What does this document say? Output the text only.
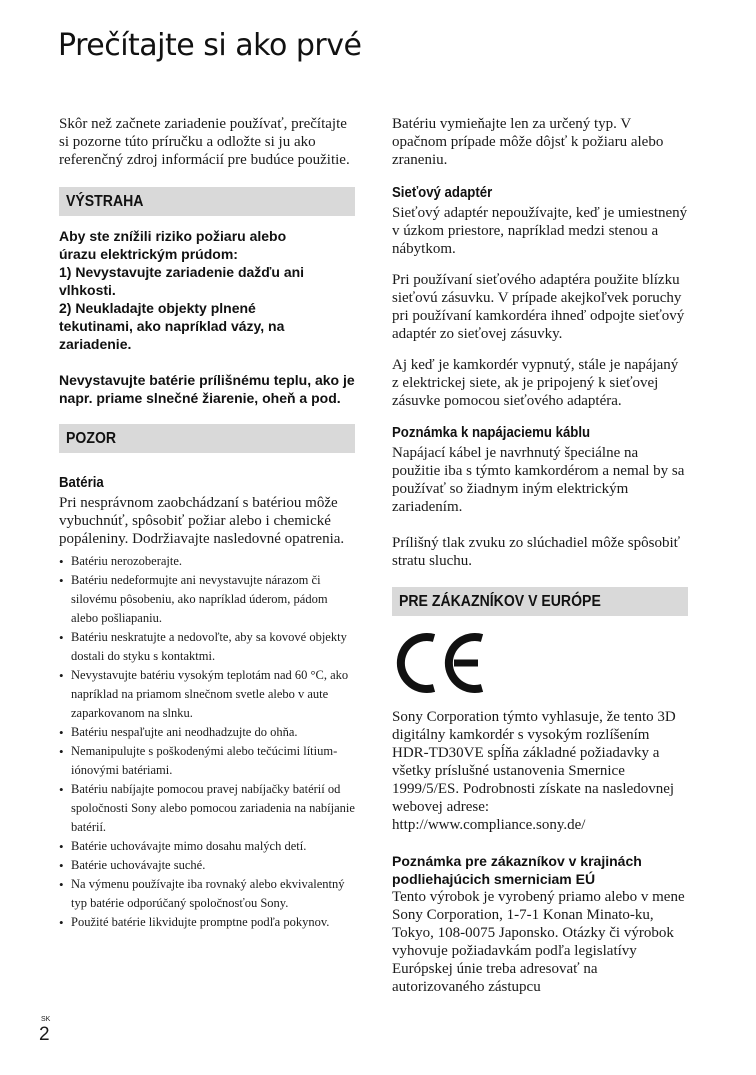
Prečítajte si ako prvé

Skôr než začnete zariadenie používať, prečítajte si pozorne túto príručku a odložte si ju ako referenčný zdroj informácií pre budúce použitie.

VÝSTRAHA

Aby ste znížili riziko požiaru alebo

úrazu elektrickým prúdom:

1) Nevystavujte zariadenie dažďu ani

vlhkosti.

2) Neukladajte objekty plnené

tekutinami, ako napríklad vázy, na

zariadenie.

Nevystavujte batérie prílišnému teplu, ako je napr. priame slnečné žiarenie, oheň a pod.

POZOR

Batéria

Pri nesprávnom zaobchádzaní s batériou môže vybuchnúť, spôsobiť požiar alebo i chemické popáleniny. Dodržiavajte nasledovné opatrenia.

• Batériu nerozoberajte.
• Batériu nedeformujte ani nevystavujte nárazom či silovému pôsobeniu, ako napríklad úderom, pádom alebo pošliapaniu.
• Batériu neskratujte a nedovoľte, aby sa kovové objekty dostali do styku s kontaktmi.
• Nevystavujte batériu vysokým teplotám nad 60 °C, ako napríklad na priamom slnečnom svetle alebo v aute zaparkovanom na slnku.
• Batériu nespaľujte ani neodhadzujte do ohňa.
• Nemanipulujte s poškodenými alebo tečúcimi lítium-iónovými batériami.
• Batériu nabíjajte pomocou pravej nabíjačky batérií od spoločnosti Sony alebo pomocou zariadenia na nabíjanie batérií.
• Batérie uchovávajte mimo dosahu malých detí.
• Batérie uchovávajte suché.
• Na výmenu používajte iba rovnaký alebo ekvivalentný typ batérie odporúčaný spoločnosťou Sony.
• Použité batérie likvidujte promptne podľa pokynov.

Batériu vymieňajte len za určený typ. V opačnom prípade môže dôjsť k požiaru alebo zraneniu.

Sieťový adaptér

Sieťový adaptér nepoužívajte, keď je umiestnený v úzkom priestore, napríklad medzi stenou a nábytkom.

Pri používaní sieťového adaptéra použite blízku sieťovú zásuvku. V prípade akejkoľvek poruchy pri používaní kamkordéra ihneď odpojte sieťový adaptér zo sieťovej zásuvky.

Aj keď je kamkordér vypnutý, stále je napájaný z elektrickej siete, ak je pripojený k sieťovej zásuvke pomocou sieťového adaptéra.

Poznámka k napájaciemu káblu

Napájací kábel je navrhnutý špeciálne na použitie iba s týmto kamkordérom a nemal by sa používať so žiadnym iným elektrickým zariadením.

Prílišný tlak zvuku zo slúchadiel môže spôsobiť stratu sluchu.

PRE ZÁKAZNÍKOV V EURÓPE

Sony Corporation týmto vyhlasuje, že tento 3D digitálny kamkordér s vysokým rozlíšením HDR-TD30VE spĺňa základné požiadavky a všetky príslušné ustanovenia Smernice 1999/5/ES. Podrobnosti získate na nasledovnej webovej adrese:

http://www.compliance.sony.de/

Poznámka pre zákazníkov v krajinách podliehajúcich smerniciam EÚ

Tento výrobok je vyrobený priamo alebo v mene Sony Corporation, 1-7-1 Konan Minato-ku, Tokyo, 108-0075 Japonsko. Otázky či výrobok vyhovuje požiadavkám podľa legislatívy Európskej únie treba adresovať na autorizovaného zástupcu

SK
2
